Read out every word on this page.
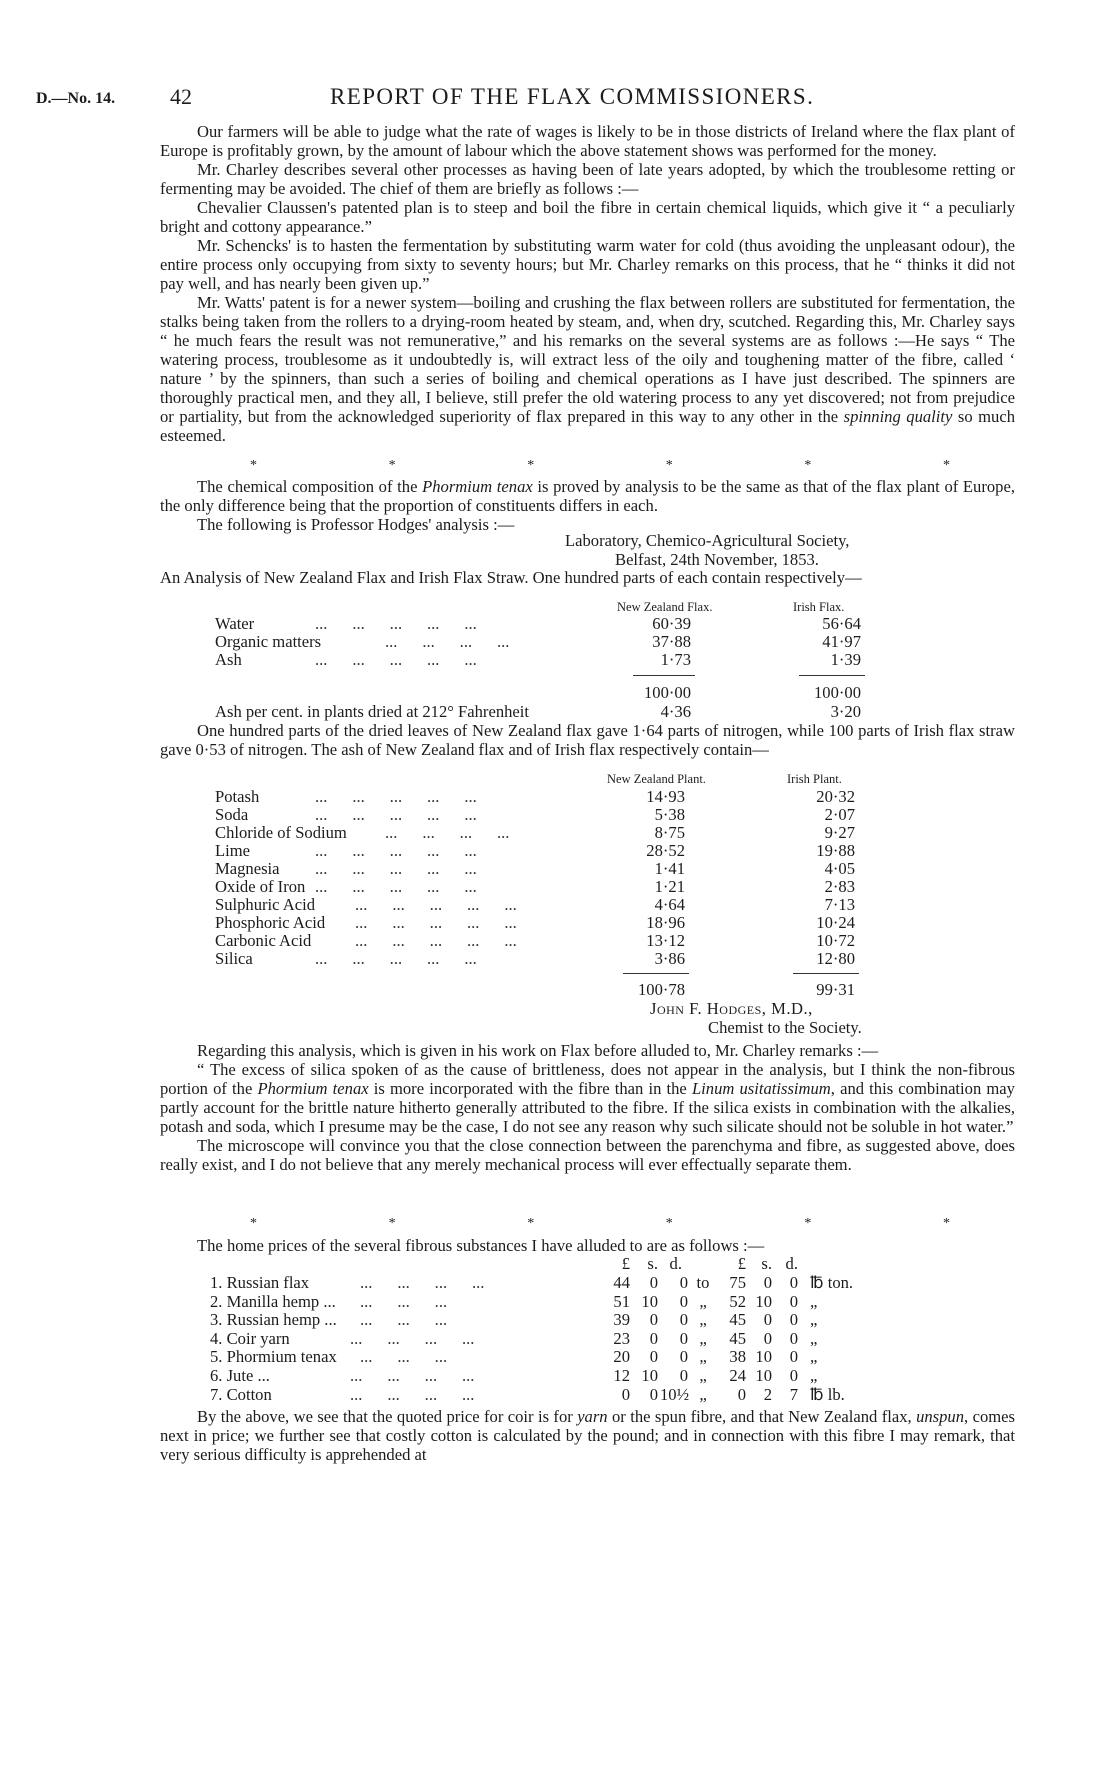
D.—No. 14. 42	REPORT OF THE FLAX COMMISSIONERS.

Our farmers will be able to judge what the rate of wages is likely to be in those districts of Ireland where the flax plant of Europe is profitably grown, by the amount of labour which the above statement shows was performed for the money.

Mr. Charley describes several other processes as having been of late years adopted, by which the troublesome retting or fermenting may be avoided. The chief of them are briefly as follows :—

Chevalier Claussen's patented plan is to steep and boil the fibre in certain chemical liquids, which give it “ a peculiarly bright and cottony appearance.”

Mr. Schencks' is to hasten the fermentation by substituting warm water for cold (thus avoiding the unpleasant odour), the entire process only occupying from sixty to seventy hours; but Mr. Charley remarks on this process, that he “ thinks it did not pay well, and has nearly been given up.”

Mr. Watts' patent is for a newer system—boiling and crushing the flax between rollers are substituted for fermentation, the stalks being taken from the rollers to a drying-room heated by steam, and, when dry, scutched. Regarding this, Mr. Charley says “ he much fears the result was not remunerative,” and his remarks on the several systems are as follows :—He says “ The watering process, troublesome as it undoubtedly is, will extract less of the oily and toughening matter of the fibre, called ‘ nature ’ by the spinners, than such a series of boiling and chemical operations as I have just described. The spinners are thoroughly practical men, and they all, I believe, still prefer the old watering process to any yet discovered; not from prejudice or partiality, but from the acknowledged superiority of flax prepared in this way to any other in the spinning quality so much esteemed.

*	*	*	*	*	*

The chemical composition of the Phormium tenax is proved by analysis to be the same as that of the flax plant of Europe, the only difference being that the proportion of constituents differs in each.

The following is Professor Hodges' analysis :—

Laboratory, Chemico-Agricultural Society,
Belfast, 24th November, 1853.

An Analysis of New Zealand Flax and Irish Flax Straw. One hundred parts of each contain respectively—

New Zealand Flax.	Irish Flax.
Water	...      ...      ...      ...      ...	60·39	56·64
Organic matters	...      ...      ...      ...	37·88	41·97
Ash	...      ...      ...      ...      ...	1·73	1·39
100·00	100·00
Ash per cent. in plants dried at 212° Fahrenheit	4·36	3·20

One hundred parts of the dried leaves of New Zealand flax gave 1·64 parts of nitrogen, while 100 parts of Irish flax straw gave 0·53 of nitrogen. The ash of New Zealand flax and of Irish flax respectively contain—

New Zealand Plant.	Irish Plant.
Potash	...      ...      ...      ...      ...	14·93	20·32
Soda	...      ...      ...      ...      ...	5·38	2·07
Chloride of Sodium ...      ...      ...      ...	8·75	9·27
Lime	...      ...      ...      ...      ...	28·52	19·88
Magnesia ...      ...      ...      ...      ...	1·41	4·05
Oxide of Iron ...      ...      ...      ...      ...	1·21	2·83
Sulphuric Acid ...      ...      ...      ...      ...	4·64	7·13
Phosphoric Acid ...      ...      ...      ...      ...	18·96	10·24
Carbonic Acid	...      ...      ...      ...      ...	13·12	10·72
Silica	...      ...      ...      ...      ...	3·86	12·80
100·78	99·31
John F. Hodges, M.D.,
Chemist to the Society.

Regarding this analysis, which is given in his work on Flax before alluded to, Mr. Charley remarks :—

“ The excess of silica spoken of as the cause of brittleness, does not appear in the analysis, but I think the non-fibrous portion of the Phormium tenax is more incorporated with the fibre than in the Linum usitatissimum, and this combination may partly account for the brittle nature hitherto generally attributed to the fibre. If the silica exists in combination with the alkalies, potash and soda, which I presume may be the case, I do not see any reason why such silicate should not be soluble in hot water.”

The microscope will convince you that the close connection between the parenchyma and fibre, as suggested above, does really exist, and I do not believe that any merely mechanical process will ever effectually separate them.

*	*	*	*	*	*

The home prices of the several fibrous substances I have alluded to are as follows :—

£ s. d.	£ s. d.
1. Russian flax	...      ...      ...      ...	44	0	0 to	75	0	0 ℔ ton.
2. Manilla hemp ... ...      ...      ...	51 10	0 „	52 10	0 „
3. Russian hemp ... ...      ...      ...	39	0	0 „	45	0	0 „
4. Coir yarn	...      ...      ...      ...	23	0	0 „	45	0	0 „
5. Phormium tenax ...      ...      ...	20	0	0 „	38 10	0 „
6. Jute ...	...      ...      ...      ...	12 10	0 „	24 10	0 „
7. Cotton	...      ...      ...      ...	0	0 10½ „	0	2	7 ℔ lb.

By the above, we see that the quoted price for coir is for yarn or the spun fibre, and that New Zealand flax, unspun, comes next in price; we further see that costly cotton is calculated by the pound; and in connection with this fibre I may remark, that very serious difficulty is apprehended at
